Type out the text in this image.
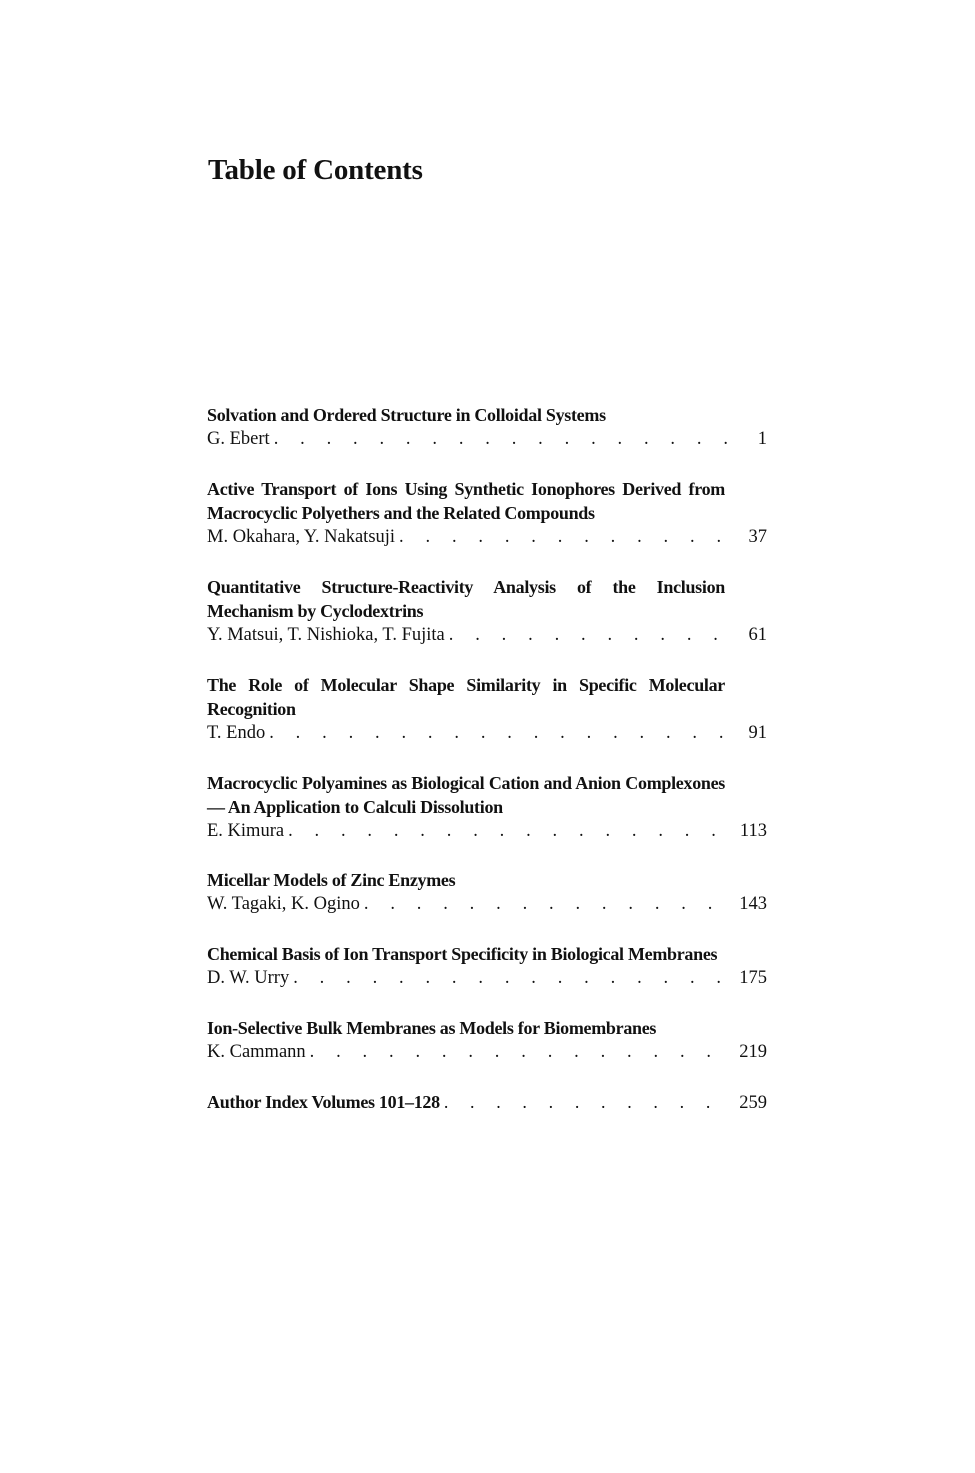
Table of Contents
Solvation and Ordered Structure in Colloidal Systems
G. Ebert . . .	1
Active Transport of Ions Using Synthetic Ionophores Derived from Macrocyclic Polyethers and the Related Compounds
M. Okahara, Y. Nakatsuji . . .	37
Quantitative Structure-Reactivity Analysis of the Inclusion Mechanism by Cyclodextrins
Y. Matsui, T. Nishioka, T. Fujita . . .	61
The Role of Molecular Shape Similarity in Specific Molecular Recognition
T. Endo . . .	91
Macrocyclic Polyamines as Biological Cation and Anion Complexones — An Application to Calculi Dissolution
E. Kimura . . .	113
Micellar Models of Zinc Enzymes
W. Tagaki, K. Ogino . . .	143
Chemical Basis of Ion Transport Specificity in Biological Membranes
D. W. Urry . . .	175
Ion-Selective Bulk Membranes as Models for Biomembranes
K. Cammann . . .	219
Author Index Volumes 101–128 . . .	259
